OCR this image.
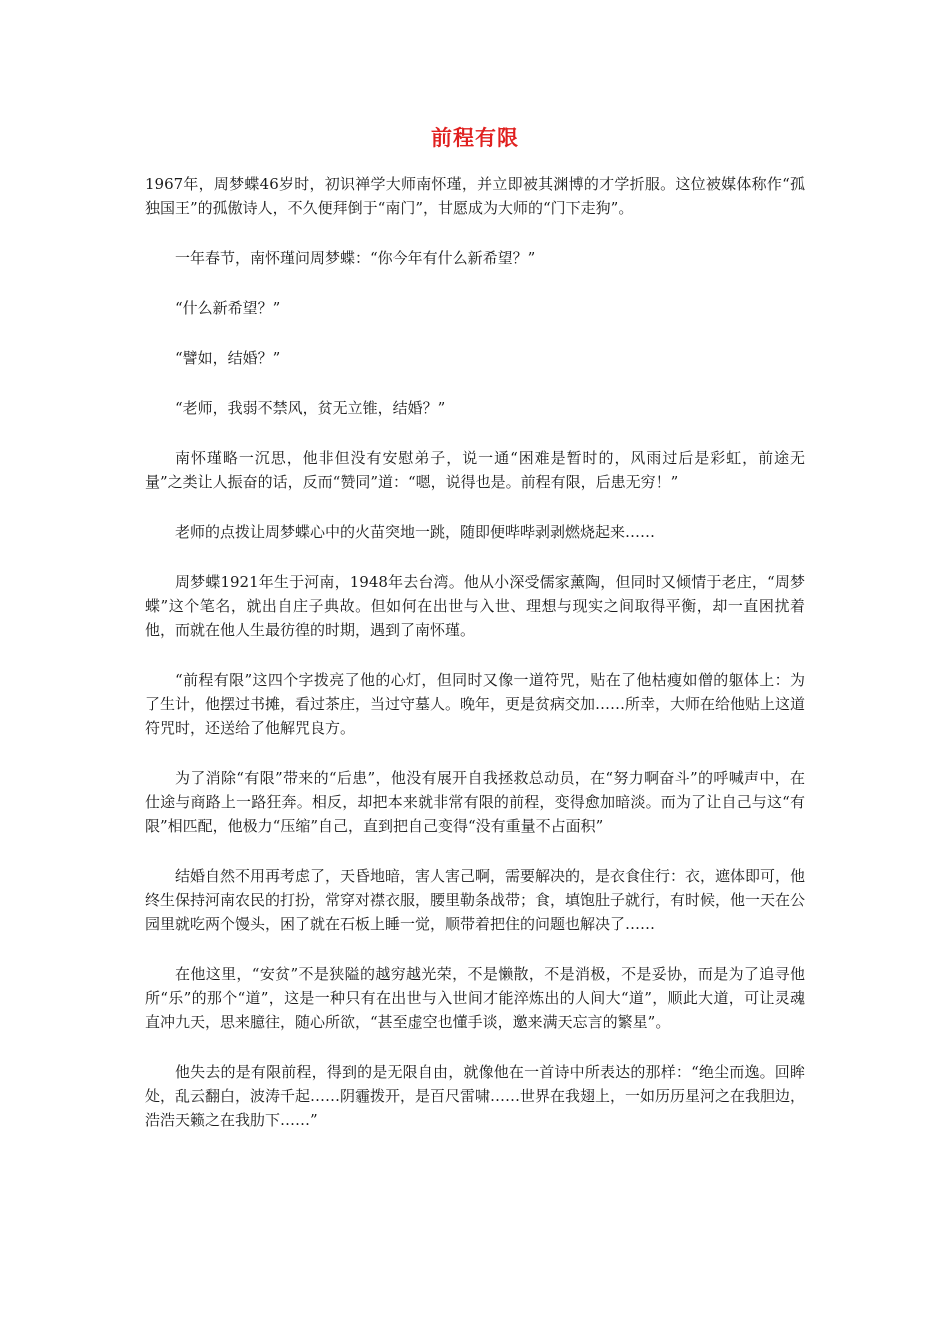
前程有限

1967年，周梦蝶46岁时，初识禅学大师南怀瑾，并立即被其渊博的才学折服。这位被媒体称作“孤独国王”的孤傲诗人，不久便拜倒于“南门”，甘愿成为大师的“门下走狗”。

一年春节，南怀瑾问周梦蝶：“你今年有什么新希望？”

“什么新希望？”

“譬如，结婚？”

“老师，我弱不禁风，贫无立锥，结婚？”

南怀瑾略一沉思，他非但没有安慰弟子，说一通“困难是暂时的，风雨过后是彩虹，前途无量”之类让人振奋的话，反而“赞同”道：“嗯，说得也是。前程有限，后患无穷！”

老师的点拨让周梦蝶心中的火苗突地一跳，随即便哔哔剥剥燃烧起来……

周梦蝶1921年生于河南，1948年去台湾。他从小深受儒家薰陶，但同时又倾情于老庄，“周梦蝶”这个笔名，就出自庄子典故。但如何在出世与入世、理想与现实之间取得平衡，却一直困扰着他，而就在他人生最彷徨的时期，遇到了南怀瑾。

“前程有限”这四个字拨亮了他的心灯，但同时又像一道符咒，贴在了他枯瘦如僧的躯体上：为了生计，他摆过书摊，看过茶庄，当过守墓人。晚年，更是贫病交加……所幸，大师在给他贴上这道符咒时，还送给了他解咒良方。

为了消除“有限”带来的“后患”，他没有展开自我拯救总动员，在“努力啊奋斗”的呼喊声中，在仕途与商路上一路狂奔。相反，却把本来就非常有限的前程，变得愈加暗淡。而为了让自己与这“有限”相匹配，他极力“压缩”自己，直到把自己变得“没有重量不占面积”

结婚自然不用再考虑了，天昏地暗，害人害己啊，需要解决的，是衣食住行：衣，遮体即可，他终生保持河南农民的打扮，常穿对襟衣服，腰里勒条战带；食，填饱肚子就行，有时候，他一天在公园里就吃两个馒头，困了就在石板上睡一觉，顺带着把住的问题也解决了……

在他这里，“安贫”不是狭隘的越穷越光荣，不是懒散，不是消极，不是妥协，而是为了追寻他所“乐”的那个“道”，这是一种只有在出世与入世间才能淬炼出的人间大“道”，顺此大道，可让灵魂直冲九天，思来臆往，随心所欲，“甚至虚空也懂手谈，邀来满天忘言的繁星”。

他失去的是有限前程，得到的是无限自由，就像他在一首诗中所表达的那样：“绝尘而逸。回眸处，乱云翻白，波涛千起……阴霾拨开，是百尺雷啸……世界在我翅上，一如历历星河之在我胆边，浩浩天籁之在我肋下……”
